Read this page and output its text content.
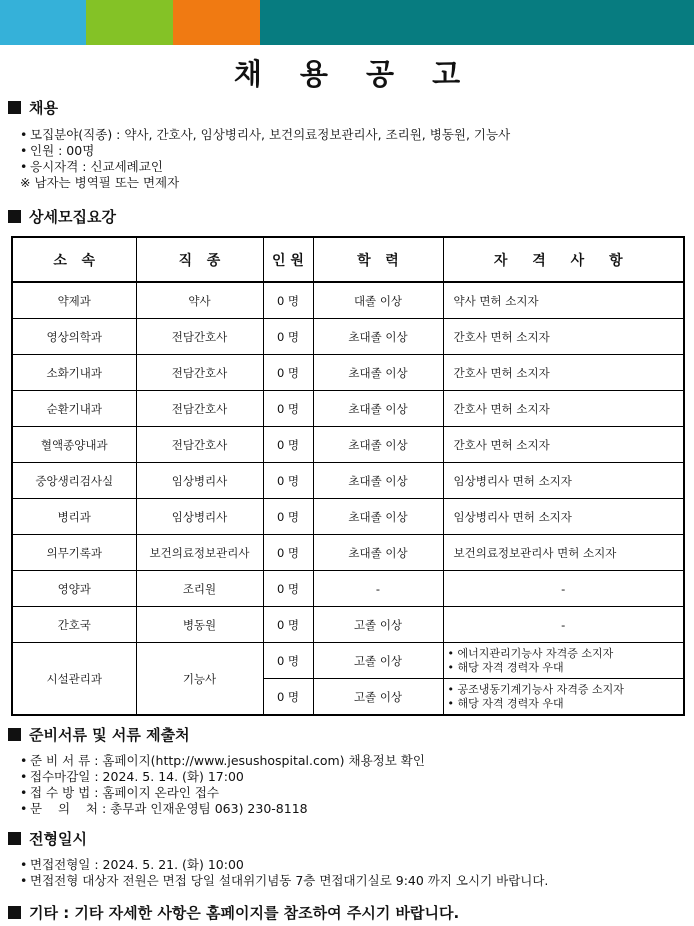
채 용 공 고
채용
• 모집분야(직종) : 약사, 간호사, 임상병리사, 보건의료정보관리사, 조리원, 병동원, 기능사
• 인원 : 00명
• 응시자격 : 신교세례교인
※ 남자는 병역필 또는 면제자
상세모집요강
소   속	직   종	인 원	학   력	자 격 사 항
약제과	약사	0 명	대졸 이상	약사 면허 소지자
영상의학과	전담간호사	0 명	초대졸 이상	간호사 면허 소지자
소화기내과	전담간호사	0 명	초대졸 이상	간호사 면허 소지자
순환기내과	전담간호사	0 명	초대졸 이상	간호사 면허 소지자
혈액종양내과	전담간호사	0 명	초대졸 이상	간호사 면허 소지자
중앙생리검사실	임상병리사	0 명	초대졸 이상	임상병리사 면허 소지자
병리과	임상병리사	0 명	초대졸 이상	임상병리사 면허 소지자
의무기록과	보건의료정보관리사	0 명	초대졸 이상	보건의료정보관리사 면허 소지자
영양과	조리원	0 명	-	-
간호국	병동원	0 명	고졸 이상	-
시설관리과	기능사	0 명	고졸 이상	• 에너지관리기능사 자격증 소지자
• 해당 자격 경력자 우대

		0 명	고졸 이상	• 공조냉동기계기능사 자격증 소지자
• 해당 자격 경력자 우대
준비서류 및 서류 제출처
• 준 비 서 류 : 홈페이지(http://www.jesushospital.com) 채용정보 확인
• 접수마감일 : 2024. 5. 14. (화) 17:00
• 접 수 방 법 : 홈페이지 온라인 접수
• 문    의    처 : 총무과 인재운영팀 063) 230-8118
전형일시
• 면접전형일 : 2024. 5. 21. (화) 10:00
• 면접전형 대상자 전원은 면접 당일 설대위기념동 7층 면접대기실로 9:40 까지 오시기 바랍니다.
기타 : 기타 자세한 사항은 홈페이지를 참조하여 주시기 바랍니다.
